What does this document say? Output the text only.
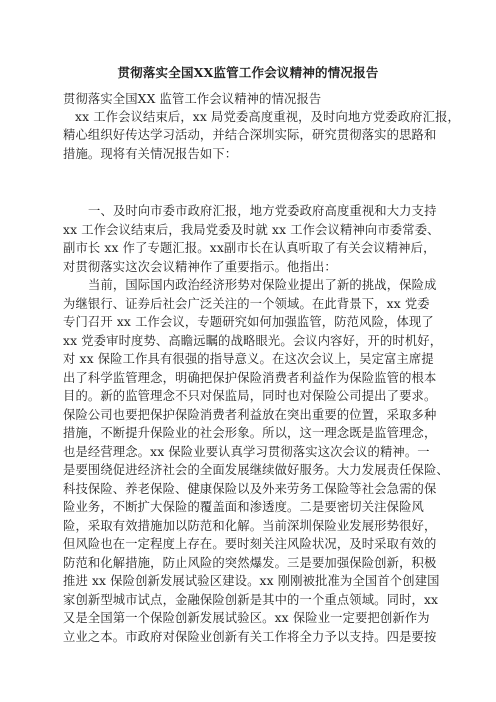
贯彻落实全国XX监管工作会议精神的情况报告
贯彻落实全国XX 监管工作会议精神的情况报告
xx 工作会议结束后，xx 局党委高度重视，及时向地方党委政府汇报，
精心组织好传达学习活动，并结合深圳实际，研究贯彻落实的思路和
措施。现将有关情况报告如下：
一、及时向市委市政府汇报，地方党委政府高度重视和大力支持
xx 工作会议结束后，我局党委及时就 xx 工作会议精神向市委常委、
副市长 xx 作了专题汇报。xx副市长在认真听取了有关会议精神后，
对贯彻落实这次会议精神作了重要指示。他指出：
当前，国际国内政治经济形势对保险业提出了新的挑战，保险成
为继银行、证券后社会广泛关注的一个领域。在此背景下，xx 党委
专门召开 xx 工作会议，专题研究如何加强监管，防范风险，体现了
xx 党委审时度势、高瞻远瞩的战略眼光。会议内容好，开的时机好，
对 xx 保险工作具有很强的指导意义。在这次会议上，吴定富主席提
出了科学监管理念，明确把保护保险消费者利益作为保险监管的根本
目的。新的监管理念不只对保监局，同时也对保险公司提出了要求。
保险公司也要把保护保险消费者利益放在突出重要的位置，采取多种
措施，不断提升保险业的社会形象。所以，这一理念既是监管理念，
也是经营理念。xx 保险业要认真学习贯彻落实这次会议的精神。一
是要围绕促进经济社会的全面发展继续做好服务。大力发展责任保险、
科技保险、养老保险、健康保险以及外来劳务工保险等社会急需的保
险业务，不断扩大保险的覆盖面和渗透度。二是要密切关注保险风
险，采取有效措施加以防范和化解。当前深圳保险业发展形势很好，
但风险也在一定程度上存在。要时刻关注风险状况，及时采取有效的
防范和化解措施，防止风险的突然爆发。三是要加强保险创新，积极
推进 xx 保险创新发展试验区建设。xx 刚刚被批准为全国首个创建国
家创新型城市试点，金融保险创新是其中的一个重点领域。同时，xx
又是全国第一个保险创新发展试验区。xx 保险业一定要把创新作为
立业之本。市政府对保险业创新有关工作将全力予以支持。四是要按
